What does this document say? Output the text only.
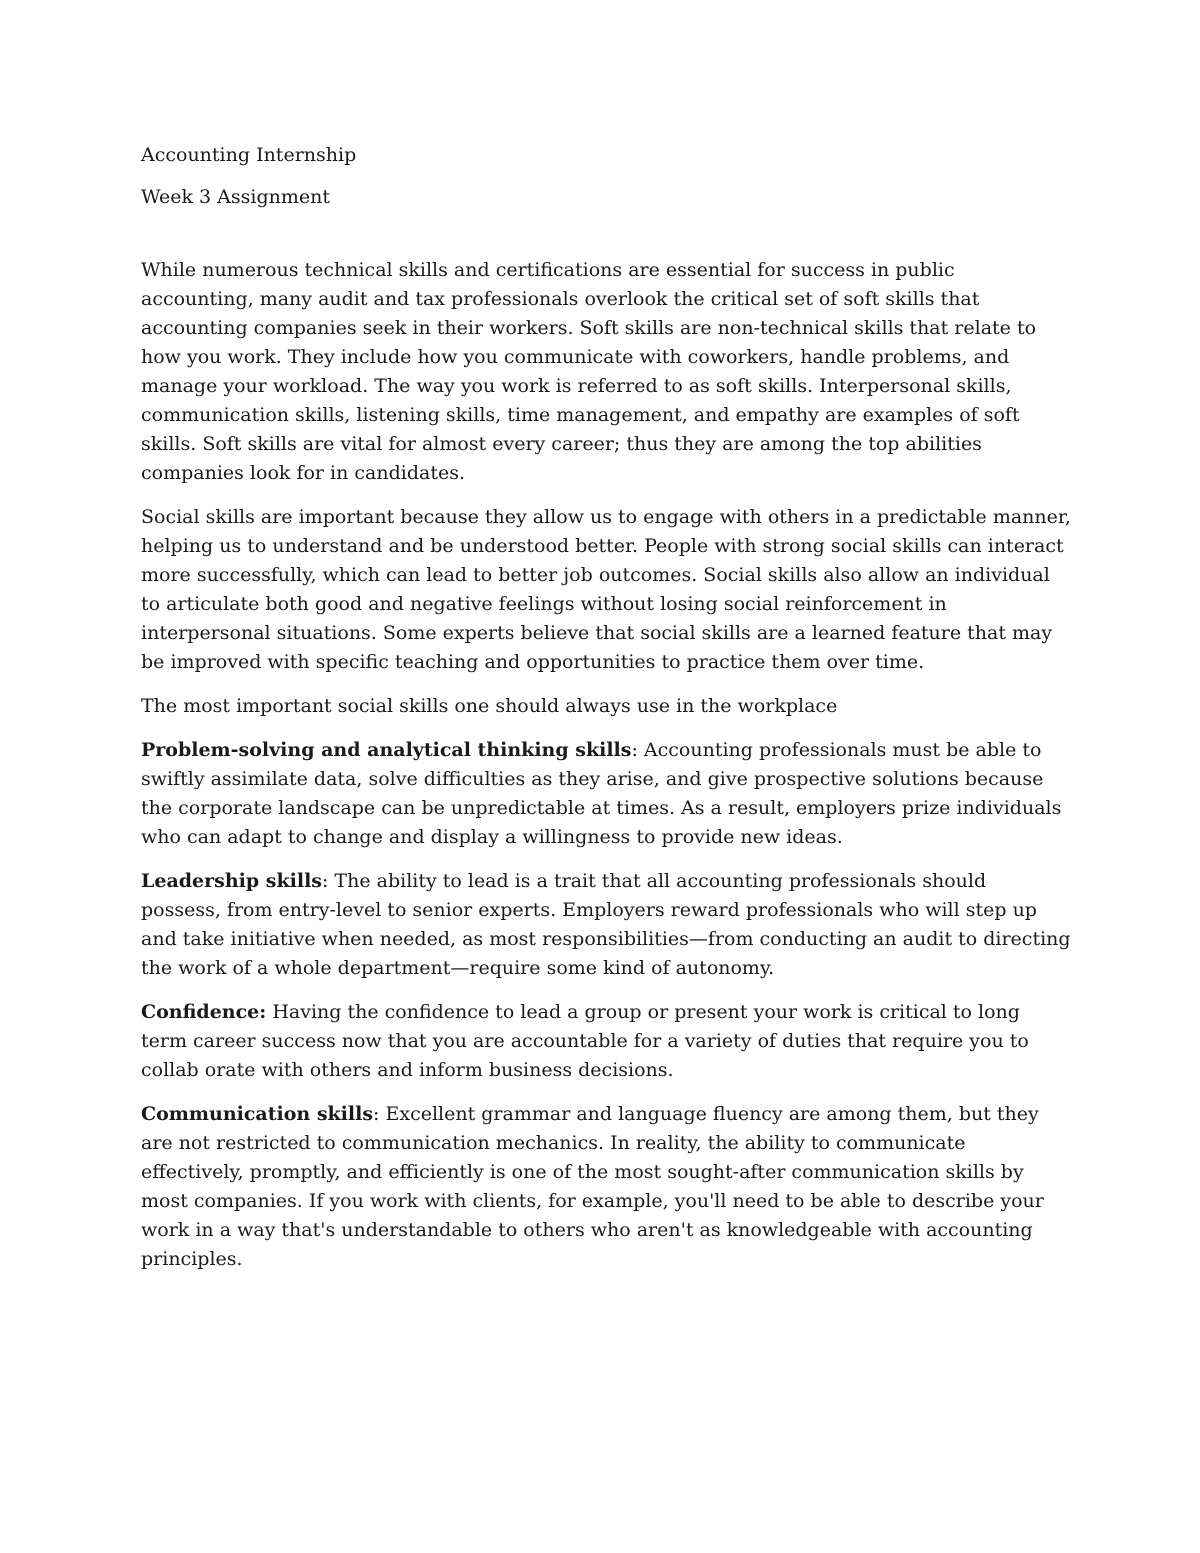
Accounting Internship

Week 3 Assignment

While numerous technical skills and certifications are essential for success in public accounting, many audit and tax professionals overlook the critical set of soft skills that accounting companies seek in their workers. Soft skills are non-technical skills that relate to how you work. They include how you communicate with coworkers, handle problems, and manage your workload. The way you work is referred to as soft skills. Interpersonal skills, communication skills, listening skills, time management, and empathy are examples of soft skills. Soft skills are vital for almost every career; thus they are among the top abilities companies look for in candidates.

Social skills are important because they allow us to engage with others in a predictable manner, helping us to understand and be understood better. People with strong social skills can interact more successfully, which can lead to better job outcomes. Social skills also allow an individual to articulate both good and negative feelings without losing social reinforcement in interpersonal situations. Some experts believe that social skills are a learned feature that may be improved with specific teaching and opportunities to practice them over time.

The most important social skills one should always use in the workplace

Problem-solving and analytical thinking skills: Accounting professionals must be able to swiftly assimilate data, solve difficulties as they arise, and give prospective solutions because the corporate landscape can be unpredictable at times. As a result, employers prize individuals who can adapt to change and display a willingness to provide new ideas.

Leadership skills: The ability to lead is a trait that all accounting professionals should possess, from entry-level to senior experts. Employers reward professionals who will step up and take initiative when needed, as most responsibilities—from conducting an audit to directing the work of a whole department—require some kind of autonomy.

Confidence: Having the confidence to lead a group or present your work is critical to long term career success now that you are accountable for a variety of duties that require you to collab orate with others and inform business decisions.

Communication skills: Excellent grammar and language fluency are among them, but they are not restricted to communication mechanics. In reality, the ability to communicate effectively, promptly, and efficiently is one of the most sought-after communication skills by most companies. If you work with clients, for example, you'll need to be able to describe your work in a way that's understandable to others who aren't as knowledgeable with accounting principles.
